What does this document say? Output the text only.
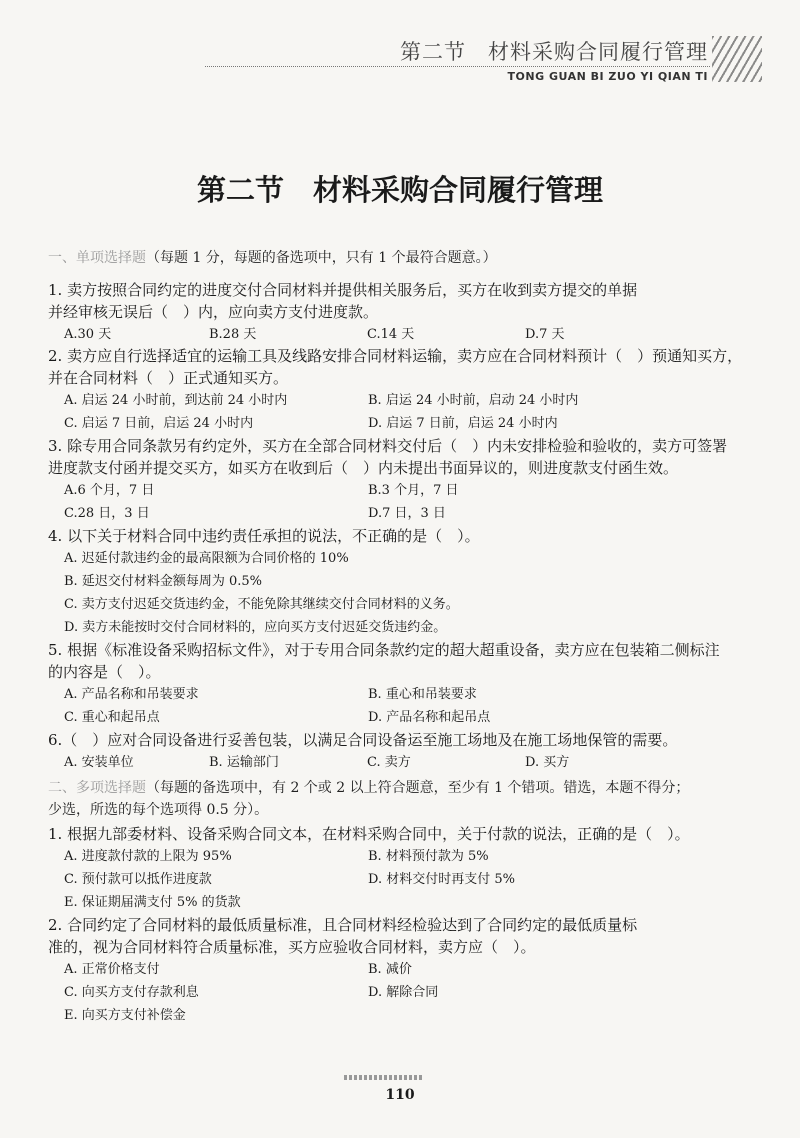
第二节 材料采购合同履行管理
TONG GUAN BI ZUO YI QIAN TI
第二节　材料采购合同履行管理
一、单项选择题（每题 1 分，每题的备选项中，只有 1 个最符合题意。）
1. 卖方按照合同约定的进度交付合同材料并提供相关服务后，买方在收到卖方提交的单据
并经审核无误后（　）内，应向卖方支付进度款。
A.30 天	B.28 天	C.14 天	D.7 天
2. 卖方应自行选择适宜的运输工具及线路安排合同材料运输，卖方应在合同材料预计（　）预通知买方，
并在合同材料（　）正式通知买方。
A. 启运 24 小时前，到达前 24 小时内	B. 启运 24 小时前，启动 24 小时内
C. 启运 7 日前，启运 24 小时内	D. 启运 7 日前，启运 24 小时内
3. 除专用合同条款另有约定外，买方在全部合同材料交付后（　）内未安排检验和验收的，卖方可签署
进度款支付函并提交买方，如买方在收到后（　）内未提出书面异议的，则进度款支付函生效。
A.6 个月，7 日	B.3 个月，7 日
C.28 日，3 日	D.7 日，3 日
4. 以下关于材料合同中违约责任承担的说法，不正确的是（　）。
A. 迟延付款违约金的最高限额为合同价格的 10%
B. 延迟交付材料金额每周为 0.5%
C. 卖方支付迟延交货违约金，不能免除其继续交付合同材料的义务。
D. 卖方未能按时交付合同材料的，应向买方支付迟延交货违约金。
5. 根据《标准设备采购招标文件》，对于专用合同条款约定的超大超重设备，卖方应在包装箱二侧标注
的内容是（　）。
A. 产品名称和吊装要求	B. 重心和吊装要求
C. 重心和起吊点	D. 产品名称和起吊点
6.（　）应对合同设备进行妥善包装，以满足合同设备运至施工场地及在施工场地保管的需要。
A. 安装单位	B. 运输部门	C. 卖方	D. 买方
二、多项选择题（每题的备选项中，有 2 个或 2 以上符合题意，至少有 1 个错项。错选，本题不得分；
少选，所选的每个选项得 0.5 分）。
1. 根据九部委材料、设备采购合同文本，在材料采购合同中，关于付款的说法，正确的是（　）。
A. 进度款付款的上限为 95%	B. 材料预付款为 5%
C. 预付款可以抵作进度款	D. 材料交付时再支付 5%
E. 保证期届满支付 5% 的货款
2. 合同约定了合同材料的最低质量标准，且合同材料经检验达到了合同约定的最低质量标
准的，视为合同材料符合质量标准，买方应验收合同材料，卖方应（　）。
A. 正常价格支付	B. 减价
C. 向买方支付存款利息	D. 解除合同
E. 向买方支付补偿金
110
